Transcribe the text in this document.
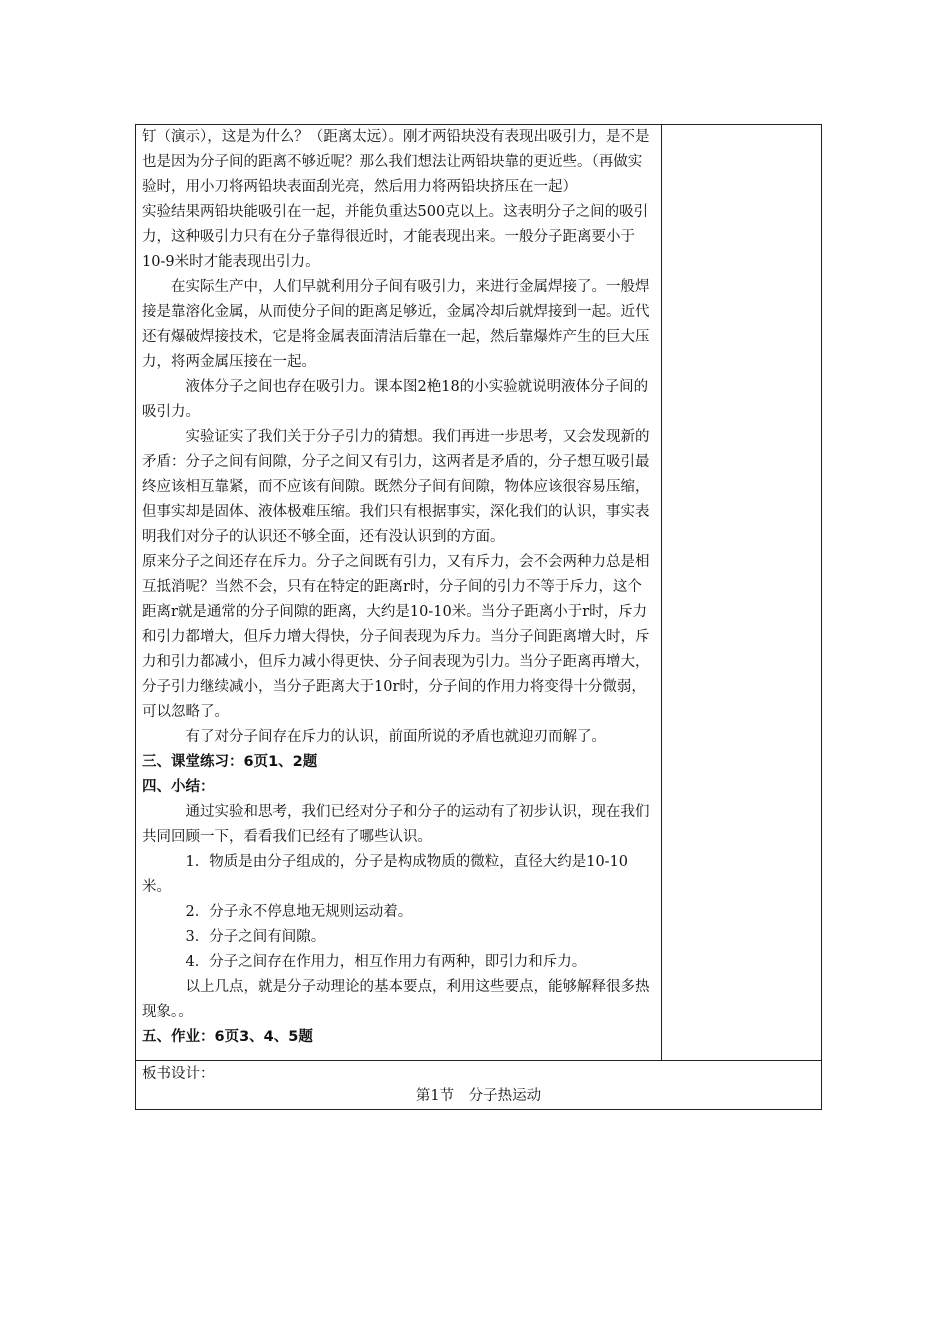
钉（演示），这是为什么？（距离太远）。刚才两铅块没有表现出吸引力，是不是也是因为分子间的距离不够近呢？那么我们想法让两铅块靠的更近些。（再做实验时，用小刀将两铅块表面刮光亮，然后用力将两铅块挤压在一起）

实验结果两铅块能吸引在一起，并能负重达500克以上。这表明分子之间的吸引力，这种吸引力只有在分子靠得很近时，才能表现出来。一般分子距离要小于10-9米时才能表现出引力。

在实际生产中，人们早就利用分子间有吸引力，来进行金属焊接了。一般焊接是靠溶化金属，从而使分子间的距离足够近，金属冷却后就焊接到一起。近代还有爆破焊接技术，它是将金属表面清洁后靠在一起，然后靠爆炸产生的巨大压力，将两金属压接在一起。

液体分子之间也存在吸引力。课本图2栬18的小实验就说明液体分子间的吸引力。

实验证实了我们关于分子引力的猜想。我们再进一步思考，又会发现新的矛盾：分子之间有间隙，分子之间又有引力，这两者是矛盾的，分子想互吸引最终应该相互靠紧，而不应该有间隙。既然分子间有间隙，物体应该很容易压缩，但事实却是固体、液体极难压缩。我们只有根据事实，深化我们的认识，事实表明我们对分子的认识还不够全面，还有没认识到的方面。

原来分子之间还存在斥力。分子之间既有引力，又有斥力，会不会两种力总是相互抵消呢？当然不会，只有在特定的距离r时，分子间的引力不等于斥力，这个距离r就是通常的分子间隙的距离，大约是10-10米。当分子距离小于r时，斥力和引力都增大，但斥力增大得快，分子间表现为斥力。当分子间距离增大时，斥力和引力都减小，但斥力减小得更快、分子间表现为引力。当分子距离再增大，分子引力继续减小，当分子距离大于10r时，分子间的作用力将变得十分微弱，可以忽略了。

有了对分子间存在斥力的认识，前面所说的矛盾也就迎刃而解了。

三、课堂练习：6页1、2题

四、小结：

通过实验和思考，我们已经对分子和分子的运动有了初步认识，现在我们共同回顾一下，看看我们已经有了哪些认识。

1．物质是由分子组成的，分子是构成物质的微粒，直径大约是10-10米。

2．分子永不停息地无规则运动着。

3．分子之间有间隙。

4．分子之间存在作用力，相互作用力有两种，即引力和斥力。

以上几点，就是分子动理论的基本要点，利用这些要点，能够解释很多热现象。。

五、作业：6页3、4、5题

板书设计：
第1节　分子热运动
